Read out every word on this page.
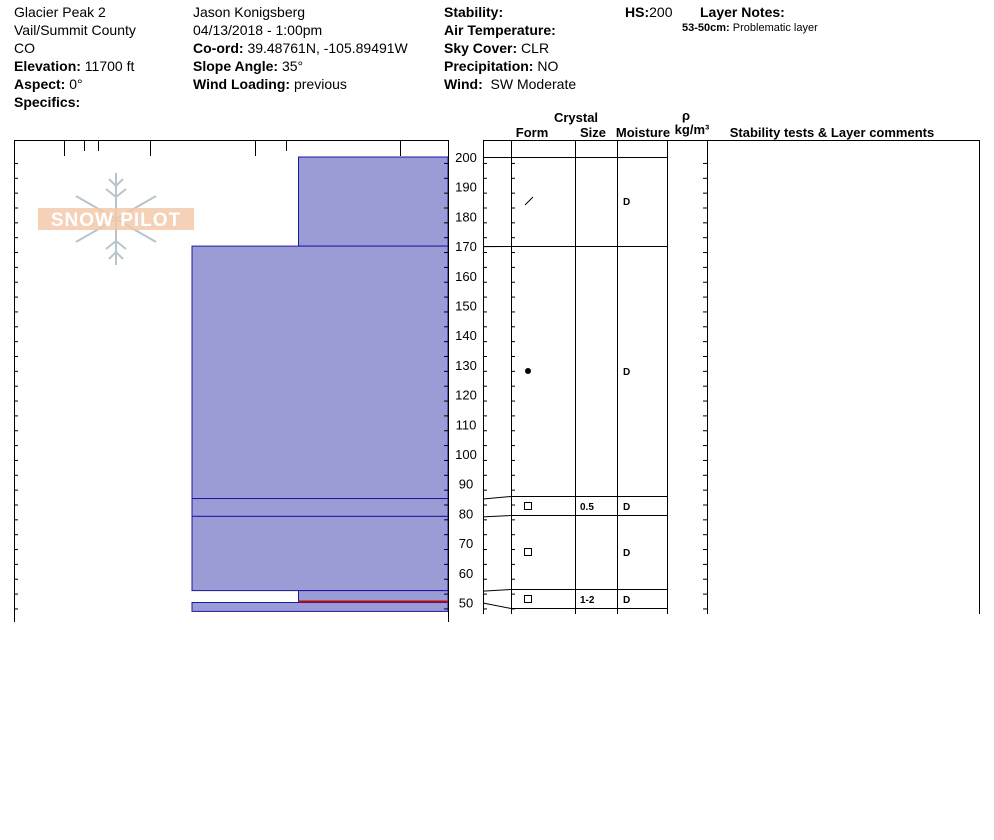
Glacier Peak 2
Vail/Summit County
CO
Elevation: 11700 ft
Aspect: 0°
Specifics:
Jason Konigsberg
04/13/2018 - 1:00pm
Co-ord: 39.48761N, -105.89491W
Slope Angle: 35°
Wind Loading: previous
Stability:
Air Temperature:
Sky Cover: CLR
Precipitation: NO
Wind: SW Moderate
HS:200 Layer Notes:
53-50cm: Problematic layer
SNOW PILOT
50
60
70
80
90
100
110
120
130
140
150
160
170
180
190
200
D
D
0.5	D
D
1-2	D
Crystal
Form Size Moisture
ρ
kg/m³ Stability tests & Layer comments
